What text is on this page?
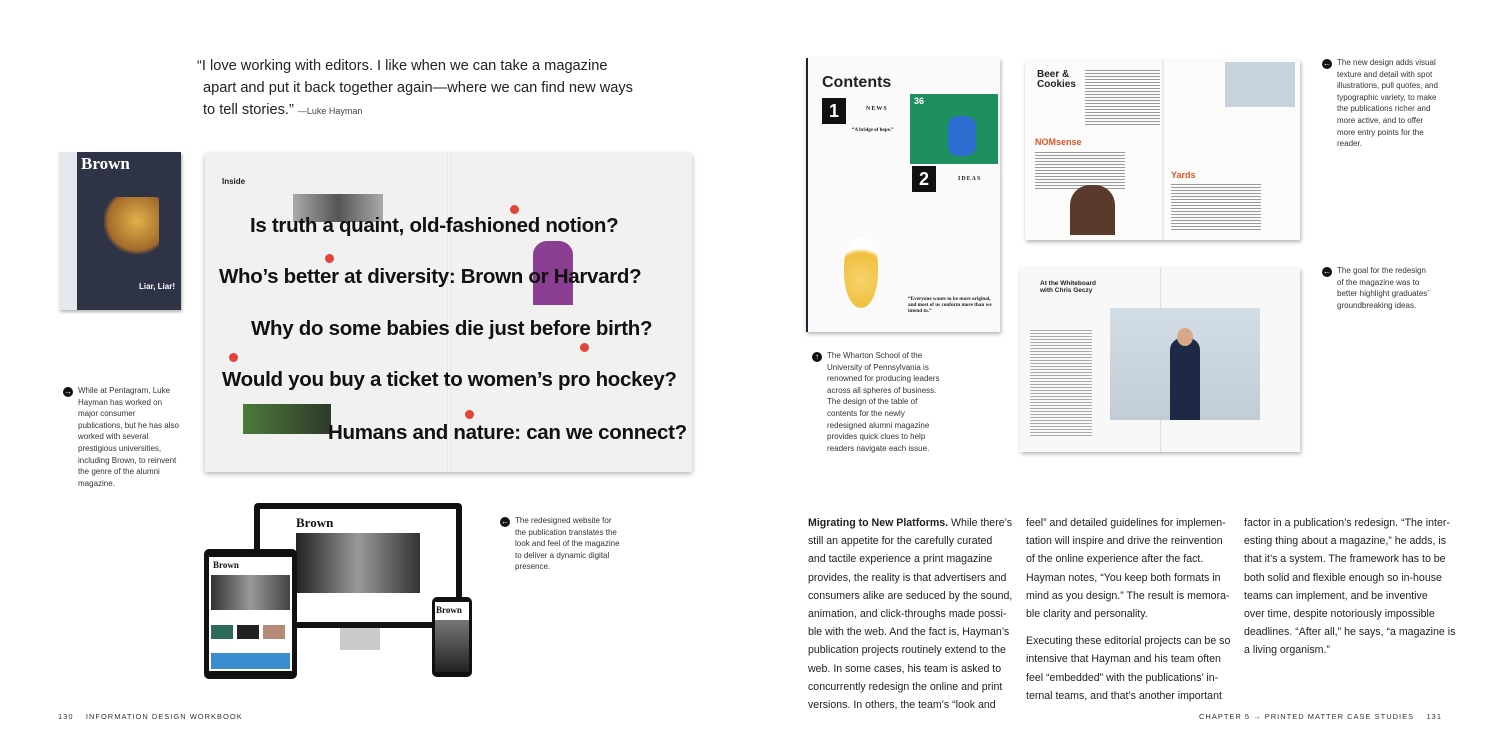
“I love working with editors. I like when we can take a magazine apart and put it back together again—where we can find new ways to tell stories.” —Luke Hayman
Brown
Liar, Liar!
→ While at Pentagram, Luke Hayman has worked on major consumer publications, but he has also worked with several prestigious universities, including Brown, to reinvent the genre of the alumni magazine.
Inside
Is truth a quaint, old-fashioned notion?
Who’s better at diversity: Brown or Harvard?
Why do some babies die just before birth?
Would you buy a ticket to women’s pro hockey?
Humans and nature: can we connect?
Brown
Brown
Brown
← The redesigned website for the publication translates the look and feel of the magazine to deliver a dynamic digital presence.
Contents
1	NEWS
36
2	IDEAS
“A bridge of hope.”
“Everyone wants to be more original, and most of us conform more than we intend to.”
↑	The Wharton School of the University of Pennsylvania is renowned for producing leaders across all spheres of business. The design of the table of contents for the newly redesigned alumni magazine provides quick clues to help readers navigate each issue.
Beer & Cookies
NOMsense
Yards
← The new design adds visual texture and detail with spot illustrations, pull quotes, and typographic variety, to make the publications richer and more active, and to offer more entry points for the reader.
At the Whiteboard with Chris Geczy
← The goal for the redesign of the magazine was to better highlight graduates’ groundbreaking ideas.
Migrating to New Platforms. While there’s
still an appetite for the carefully curated
and tactile experience a print magazine
provides, the reality is that advertisers and
consumers alike are seduced by the sound,
animation, and click-throughs made possi-
ble with the web. And the fact is, Hayman’s
publication projects routinely extend to the
web. In some cases, his team is asked to
concurrently redesign the online and print
versions. In others, the team’s “look and
feel” and detailed guidelines for implemen-
tation will inspire and drive the reinvention
of the online experience after the fact.
Hayman notes, “You keep both formats in
mind as you design.” The result is memora-
ble clarity and personality.
Executing these editorial projects can be so
intensive that Hayman and his team often
feel “embedded” with the publications’ in-
ternal teams, and that’s another important
factor in a publication’s redesign. “The inter-
esting thing about a magazine,” he adds, is
that it’s a system. The framework has to be
both solid and flexible enough so in-house
teams can implement, and be inventive
over time, despite notoriously impossible
deadlines. “After all,” he says, “a magazine is
a living organism.”
130 INFORMATION DESIGN WORKBOOK	CHAPTER 5 → PRINTED MATTER CASE STUDIES 131
